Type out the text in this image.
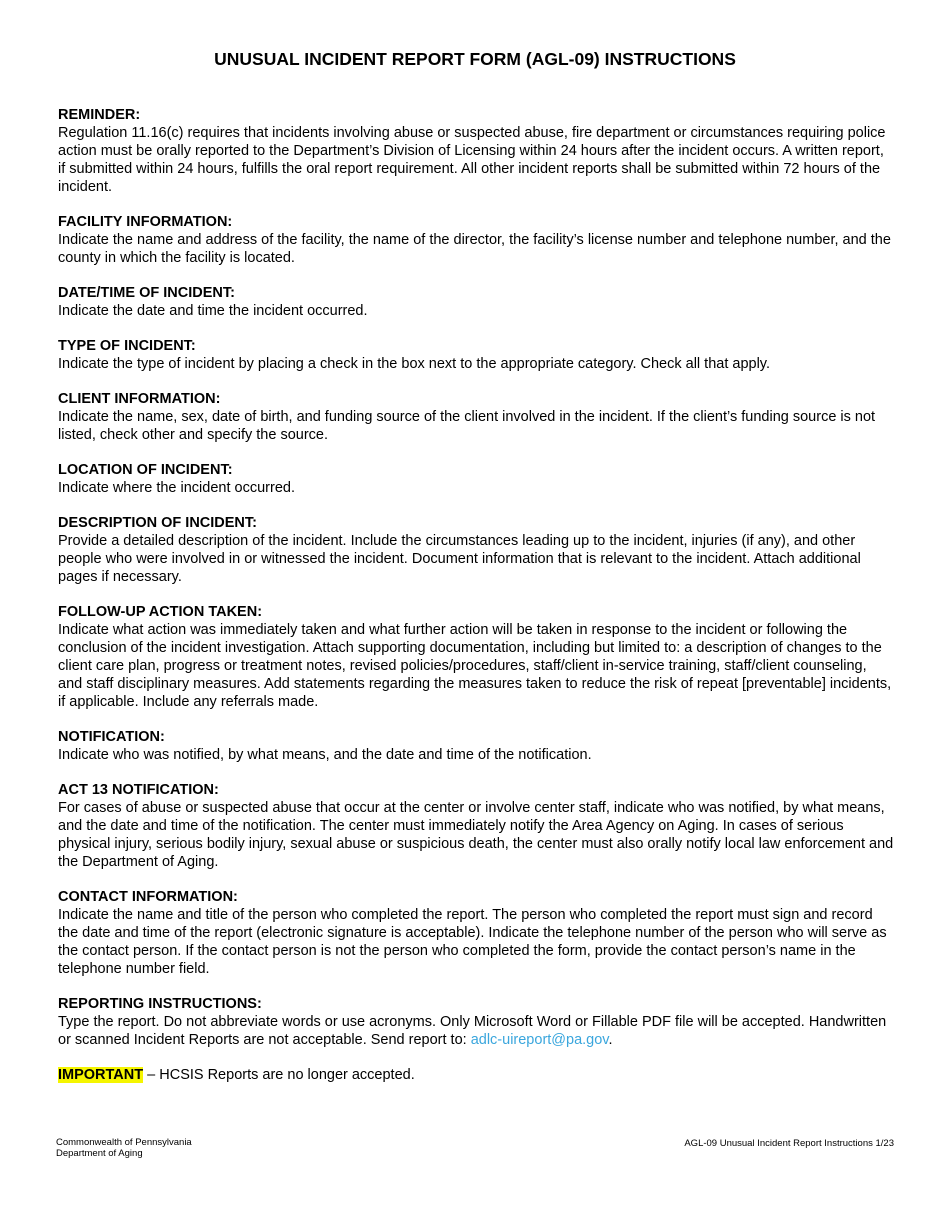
UNUSUAL INCIDENT REPORT FORM (AGL-09) INSTRUCTIONS

REMINDER:

Regulation 11.16(c) requires that incidents involving abuse or suspected abuse, fire department or circumstances requiring police action must be orally reported to the Department’s Division of Licensing within 24 hours after the incident occurs. A written report, if submitted within 24 hours, fulfills the oral report requirement. All other incident reports shall be submitted within 72 hours of the incident.

FACILITY INFORMATION:

Indicate the name and address of the facility, the name of the director, the facility’s license number and telephone number, and the county in which the facility is located.

DATE/TIME OF INCIDENT:

Indicate the date and time the incident occurred.

TYPE OF INCIDENT:

Indicate the type of incident by placing a check in the box next to the appropriate category. Check all that apply.

CLIENT INFORMATION:

Indicate the name, sex, date of birth, and funding source of the client involved in the incident. If the client’s funding source is not listed, check other and specify the source.

LOCATION OF INCIDENT:

Indicate where the incident occurred.

DESCRIPTION OF INCIDENT:

Provide a detailed description of the incident. Include the circumstances leading up to the incident, injuries (if any), and other people who were involved in or witnessed the incident. Document information that is relevant to the incident. Attach additional pages if necessary.

FOLLOW-UP ACTION TAKEN:

Indicate what action was immediately taken and what further action will be taken in response to the incident or following the conclusion of the incident investigation. Attach supporting documentation, including but limited to: a description of changes to the client care plan, progress or treatment notes, revised policies/procedures, staff/client in-service training, staff/client counseling, and staff disciplinary measures. Add statements regarding the measures taken to reduce the risk of repeat [preventable] incidents, if applicable. Include any referrals made.

NOTIFICATION:

Indicate who was notified, by what means, and the date and time of the notification.

ACT 13 NOTIFICATION:

For cases of abuse or suspected abuse that occur at the center or involve center staff, indicate who was notified, by what means, and the date and time of the notification. The center must immediately notify the Area Agency on Aging. In cases of serious physical injury, serious bodily injury, sexual abuse or suspicious death, the center must also orally notify local law enforcement and the Department of Aging.

CONTACT INFORMATION:

Indicate the name and title of the person who completed the report. The person who completed the report must sign and record the date and time of the report (electronic signature is acceptable). Indicate the telephone number of the person who will serve as the contact person. If the contact person is not the person who completed the form, provide the contact person’s name in the telephone number field.

REPORTING INSTRUCTIONS:

Type the report. Do not abbreviate words or use acronyms. Only Microsoft Word or Fillable PDF file will be accepted. Handwritten or scanned Incident Reports are not acceptable. Send report to: adlc-uireport@pa.gov.

IMPORTANT – HCSIS Reports are no longer accepted.

Commonwealth of Pennsylvania
Department of Aging
AGL-09 Unusual Incident Report Instructions 1/23
